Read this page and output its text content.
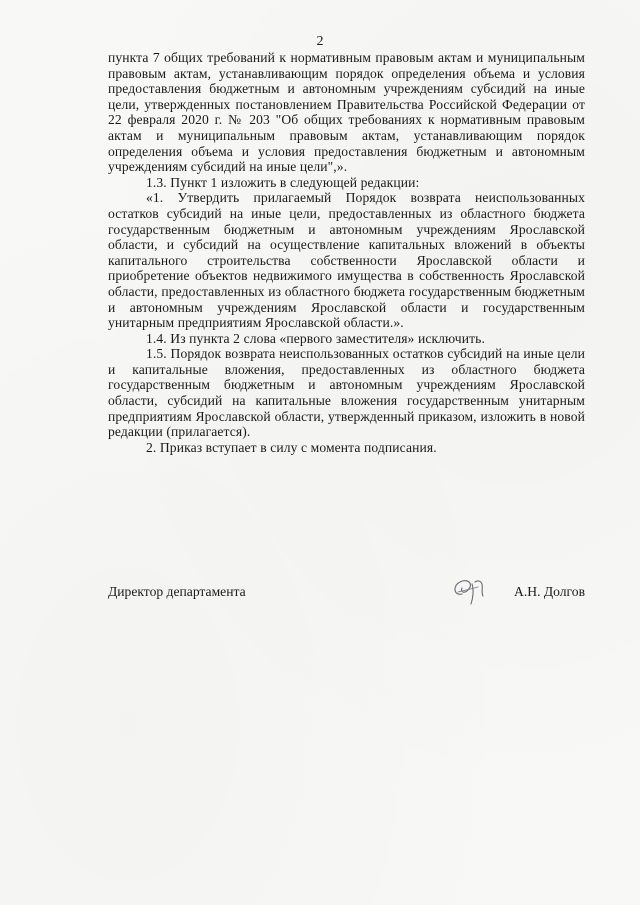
2

пункта 7 общих требований к нормативным правовым актам и муниципальным правовым актам, устанавливающим порядок определения объема и условия предоставления бюджетным и автономным учреждениям субсидий на иные цели, утвержденных постановлением Правительства Российской Федерации от 22 февраля 2020 г. № 203 "Об общих требованиях к нормативным правовым актам и муниципальным правовым актам, устанавливающим порядок определения объема и условия предоставления бюджетным и автономным учреждениям субсидий на иные цели",».

1.3. Пункт 1 изложить в следующей редакции:

«1. Утвердить прилагаемый Порядок возврата неиспользованных остатков субсидий на иные цели, предоставленных из областного бюджета государственным бюджетным и автономным учреждениям Ярославской области, и субсидий на осуществление капитальных вложений в объекты капитального строительства собственности Ярославской области и приобретение объектов недвижимого имущества в собственность Ярославской области, предоставленных из областного бюджета государственным бюджетным и автономным учреждениям Ярославской области и государственным унитарным предприятиям Ярославской области.».

1.4. Из пункта 2 слова «первого заместителя» исключить.

1.5. Порядок возврата неиспользованных остатков субсидий на иные цели и капитальные вложения, предоставленных из областного бюджета государственным бюджетным и автономным учреждениям Ярославской области, субсидий на капитальные вложения государственным унитарным предприятиям Ярославской области, утвержденный приказом, изложить в новой редакции (прилагается).

2. Приказ вступает в силу с момента подписания.

Директор департамента	А.Н. Долгов
